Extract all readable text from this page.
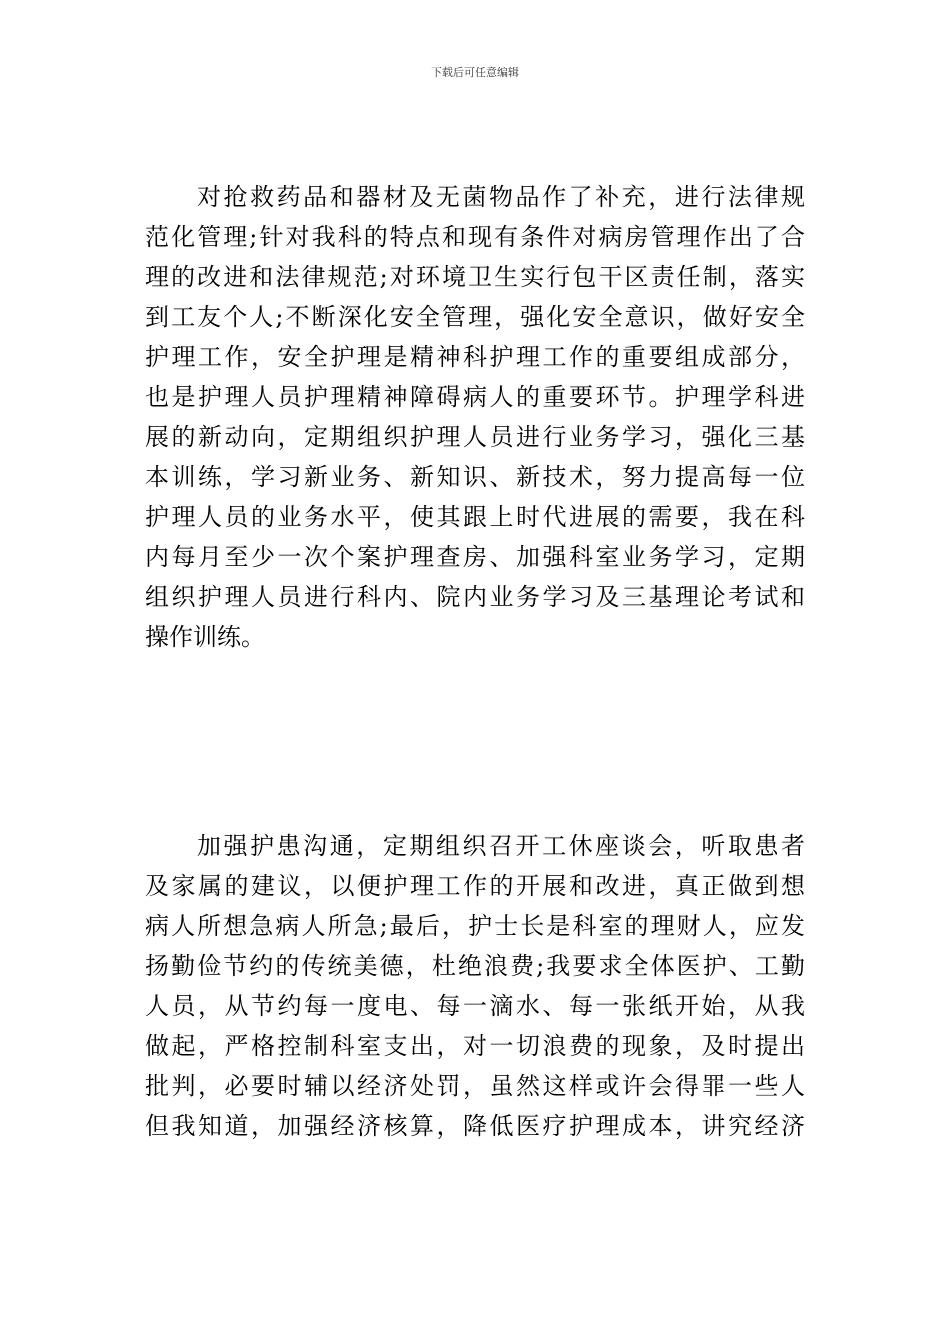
下载后可任意编辑
对抢救药品和器材及无菌物品作了补充，进行法律规
范化管理;针对我科的特点和现有条件对病房管理作出了合
理的改进和法律规范;对环境卫生实行包干区责任制，落实
到工友个人;不断深化安全管理，强化安全意识，做好安全
护理工作，安全护理是精神科护理工作的重要组成部分，
也是护理人员护理精神障碍病人的重要环节。护理学科进
展的新动向，定期组织护理人员进行业务学习，强化三基
本训练，学习新业务、新知识、新技术，努力提高每一位
护理人员的业务水平，使其跟上时代进展的需要，我在科
内每月至少一次个案护理查房、加强科室业务学习，定期
组织护理人员进行科内、院内业务学习及三基理论考试和
操作训练。
加强护患沟通，定期组织召开工休座谈会，听取患者
及家属的建议，以便护理工作的开展和改进，真正做到想
病人所想急病人所急;最后，护士长是科室的理财人，应发
扬勤俭节约的传统美德，杜绝浪费;我要求全体医护、工勤
人员，从节约每一度电、每一滴水、每一张纸开始，从我
做起，严格控制科室支出，对一切浪费的现象，及时提出
批判，必要时辅以经济处罚，虽然这样或许会得罪一些人
但我知道，加强经济核算，降低医疗护理成本，讲究经济
